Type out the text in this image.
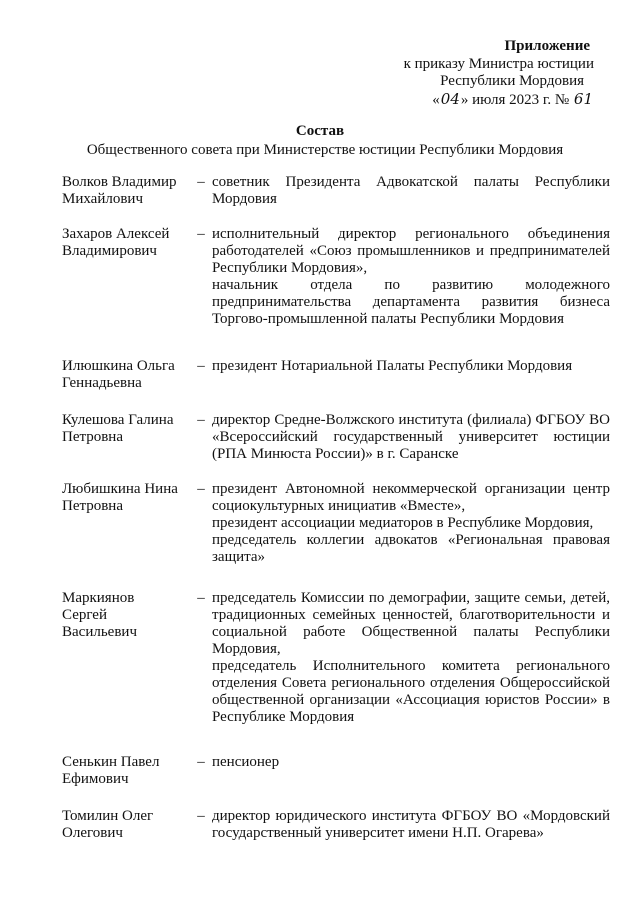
Приложение
к приказу Министра юстиции
Республики Мордовия
«04» июля 2023 г. № 61
Состав
Общественного совета при Министерстве юстиции Республики Мордовия
Волков Владимир
Михайлович
– советник Президента Адвокатской палаты Республики Мордовия
Захаров Алексей
Владимирович
– исполнительный директор регионального объединения работодателей «Союз промышленников и предпринимателей Республики Мордовия»,
начальник отдела по развитию молодежного предпринимательства департамента развития бизнеса Торгово-промышленной палаты Республики Мордовия
Илюшкина Ольга
Геннадьевна
– президент Нотариальной Палаты Республики Мордовия
Кулешова Галина
Петровна
– директор Средне-Волжского института (филиала) ФГБОУ ВО «Всероссийский государственный университет юстиции (РПА Минюста России)» в г. Саранске
Любишкина Нина
Петровна
– президент Автономной некоммерческой организации центр социокультурных инициатив «Вместе»,
президент ассоциации медиаторов в Республике Мордовия,
председатель коллегии адвокатов «Региональная правовая защита»
Маркиянов
Сергей
Васильевич
– председатель Комиссии по демографии, защите семьи, детей, традиционных семейных ценностей, благотворительности и социальной работе Общественной палаты Республики Мордовия,
председатель Исполнительного комитета регионального отделения Совета регионального отделения Общероссийской общественной организации «Ассоциация юристов России» в Республике Мордовия
Сенькин Павел
Ефимович
– пенсионер
Томилин Олег
Олегович
– директор юридического института ФГБОУ ВО «Мордовский государственный университет имени Н.П. Огарева»
